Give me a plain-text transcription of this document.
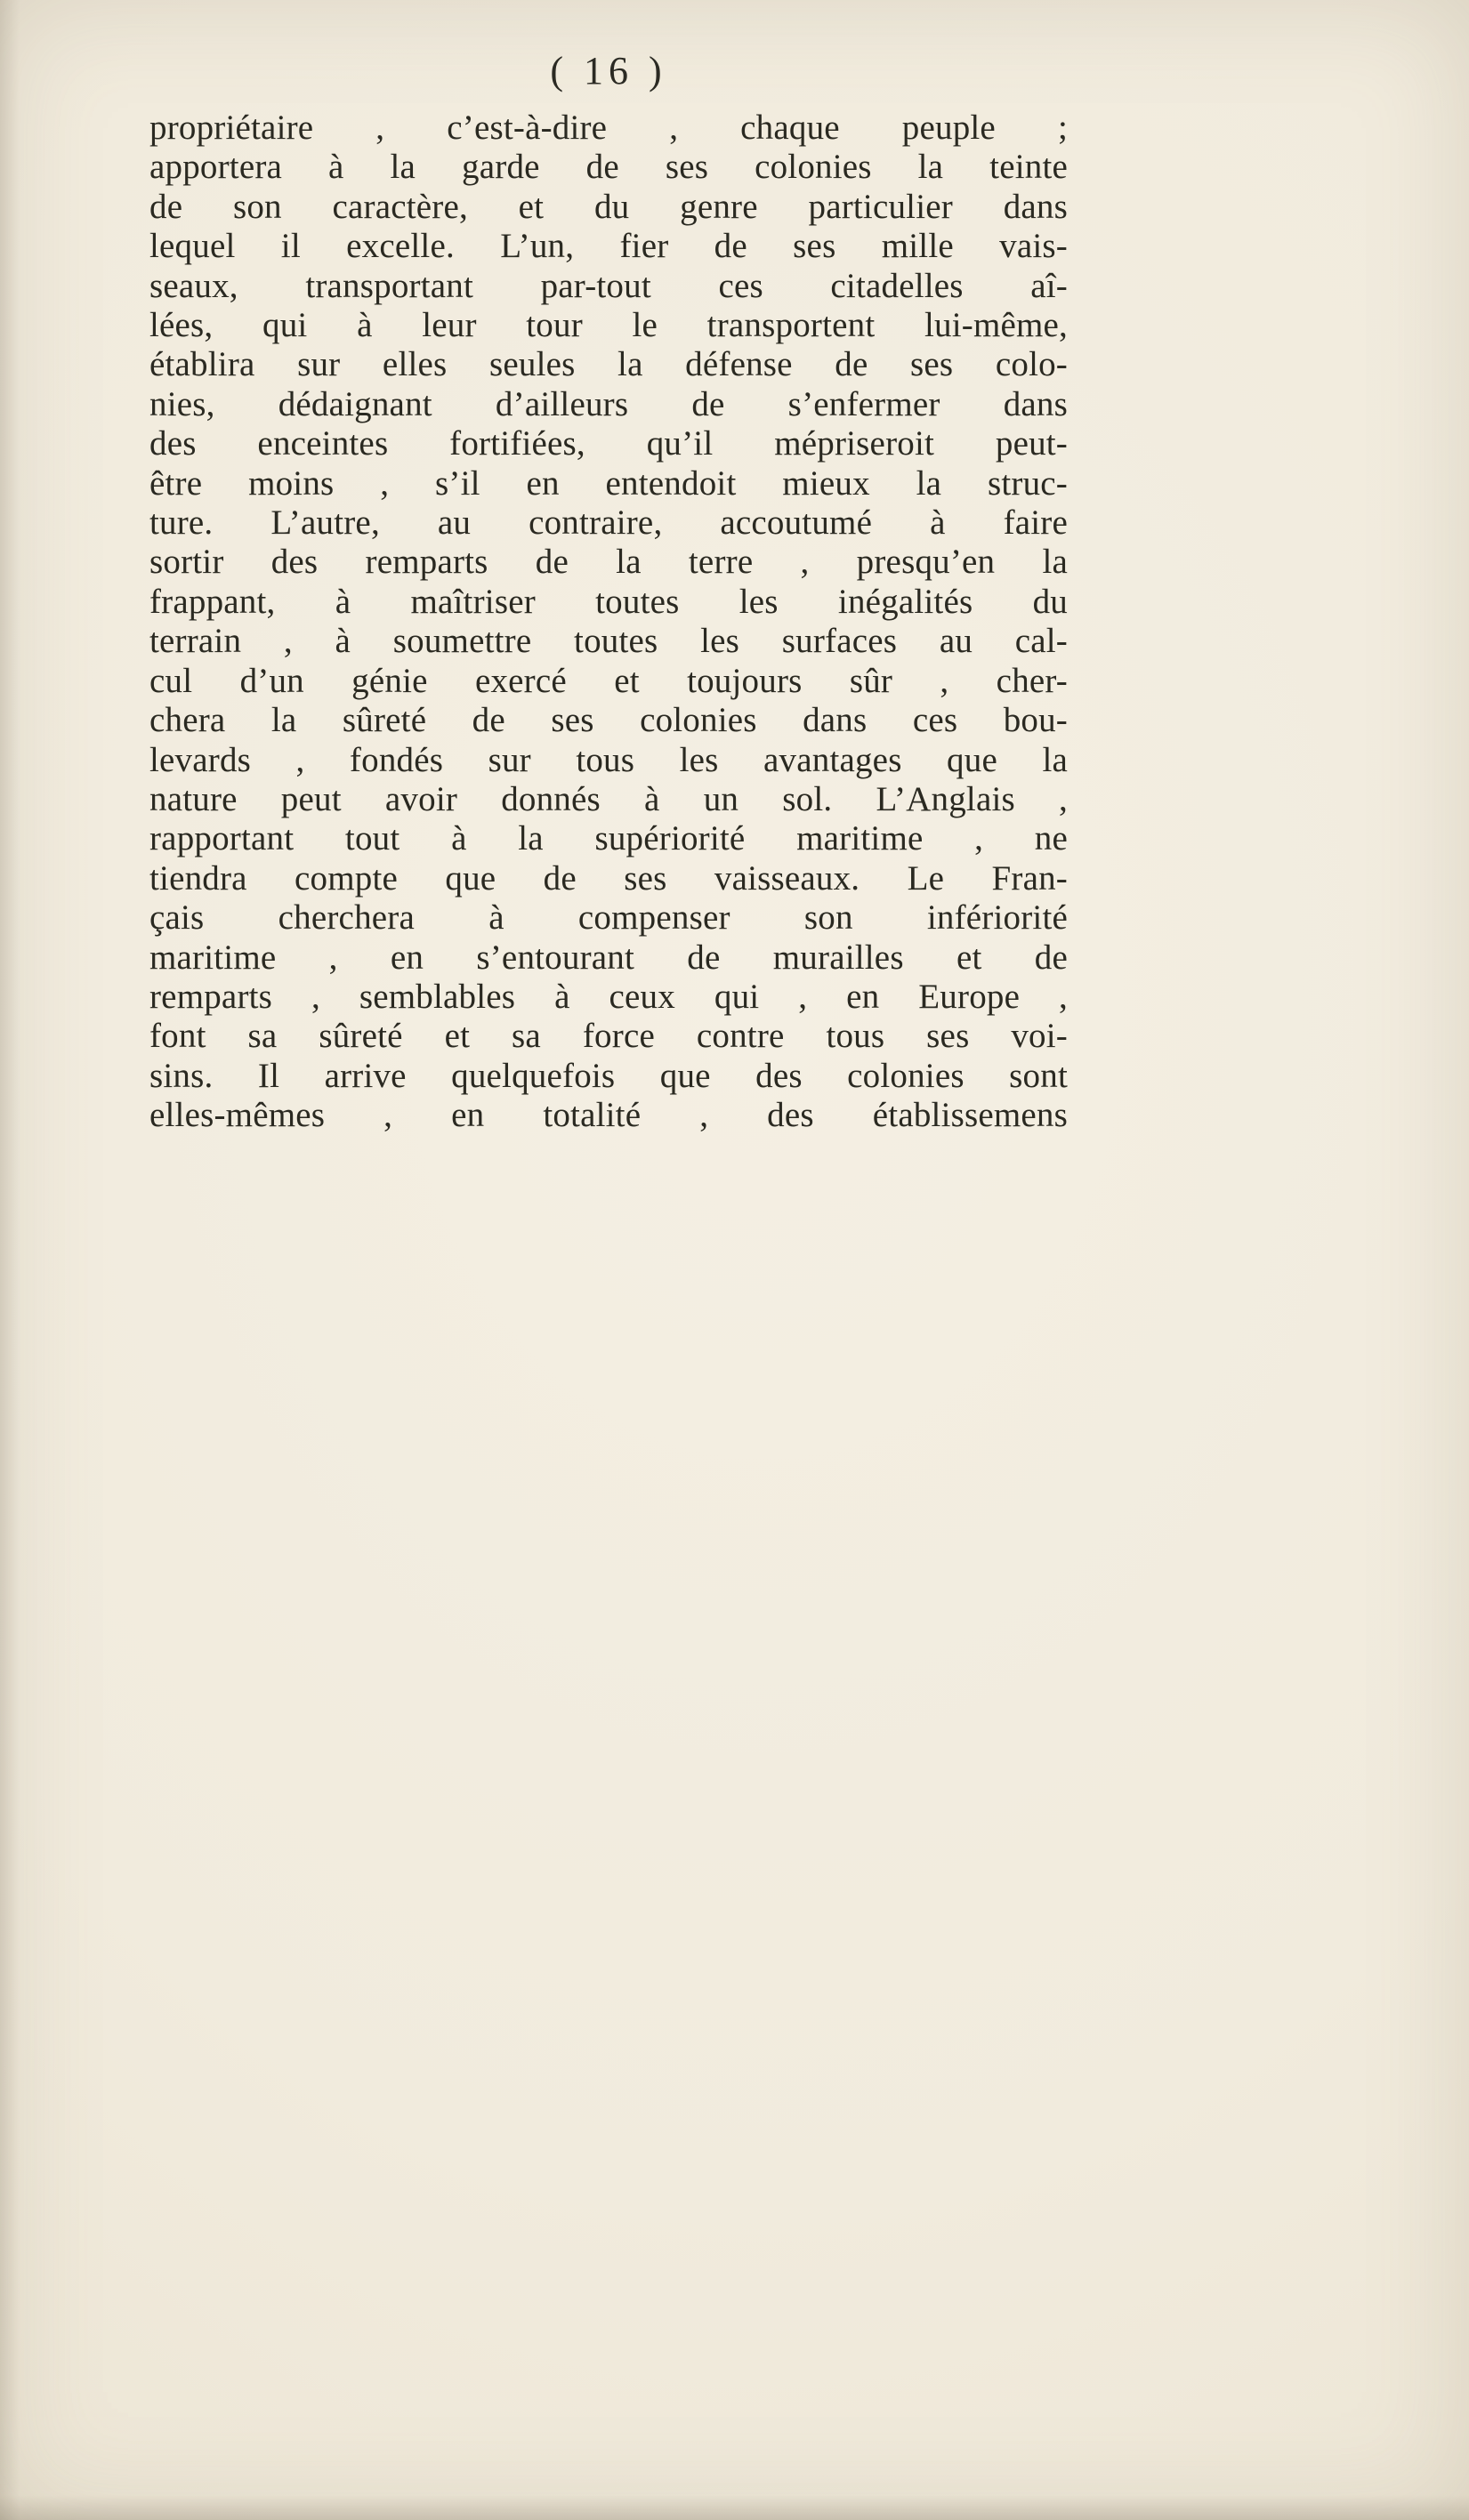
( 16 )
propriétaire , c’est-à-dire , chaque peuple ;
apportera à la garde de ses colonies la teinte
de son caractère, et du genre particulier dans
lequel il excelle. L’un, fier de ses mille vais-
seaux, transportant par-tout ces citadelles aî-
lées, qui à leur tour le transportent lui-même,
établira sur elles seules la défense de ses colo-
nies, dédaignant d’ailleurs de s’enfermer dans
des enceintes fortifiées, qu’il mépriseroit peut-
être moins , s’il en entendoit mieux la struc-
ture. L’autre, au contraire, accoutumé à faire
sortir des remparts de la terre , presqu’en la
frappant, à maîtriser toutes les inégalités du
terrain , à soumettre toutes les surfaces au cal-
cul d’un génie exercé et toujours sûr , cher-
chera la sûreté de ses colonies dans ces bou-
levards , fondés sur tous les avantages que la
nature peut avoir donnés à un sol. L’Anglais ,
rapportant tout à la supériorité maritime , ne
tiendra compte que de ses vaisseaux. Le Fran-
çais cherchera à compenser son infériorité
maritime , en s’entourant de murailles et de
remparts , semblables à ceux qui , en Europe ,
font sa sûreté et sa force contre tous ses voi-
sins. Il arrive quelquefois que des colonies sont
elles-mêmes , en totalité , des établissemens
